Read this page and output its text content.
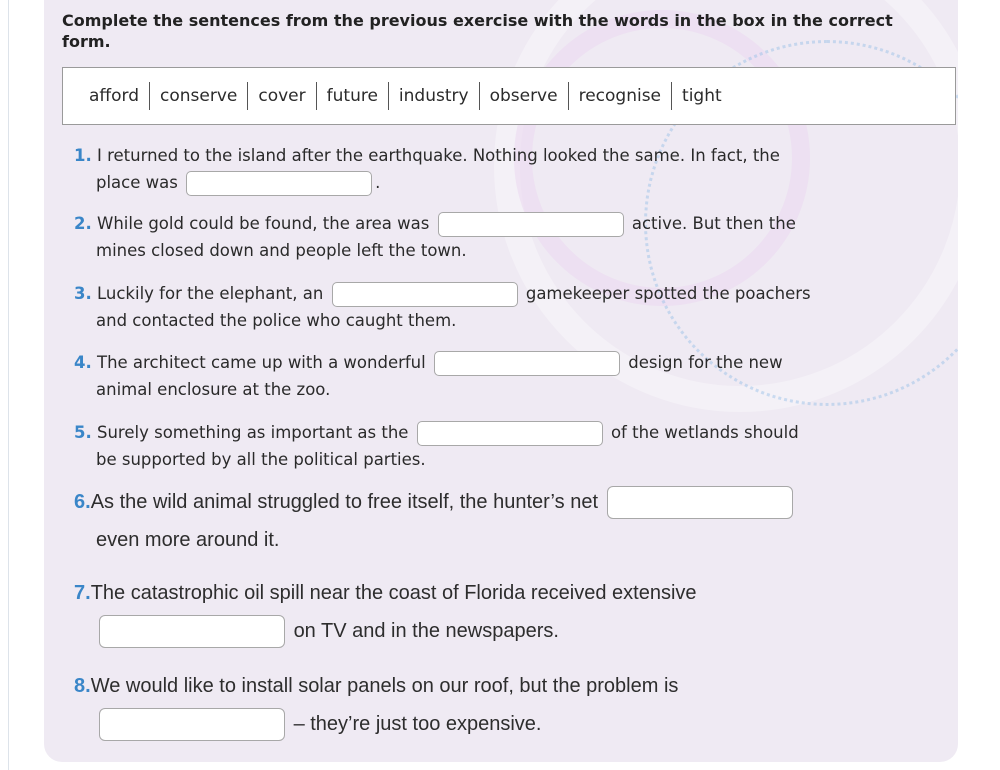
Complete the sentences from the previous exercise with the words in the box in the correct form.
afford	conserve	cover	future	industry	observe	recognise	tight
1. I returned to the island after the earthquake. Nothing looked the same. In fact, the
place was	.
2. While gold could be found, the area was	active. But then the
mines closed down and people left the town.
3. Luckily for the elephant, an	gamekeeper spotted the poachers
and contacted the police who caught them.
4. The architect came up with a wonderful	design for the new
animal enclosure at the zoo.
5. Surely something as important as the	of the wetlands should
be supported by all the political parties.
6.As the wild animal struggled to free itself, the hunter’s net
even more around it.
7.The catastrophic oil spill near the coast of Florida received extensive
on TV and in the newspapers.
8.We would like to install solar panels on our roof, but the problem is
– they’re just too expensive.
